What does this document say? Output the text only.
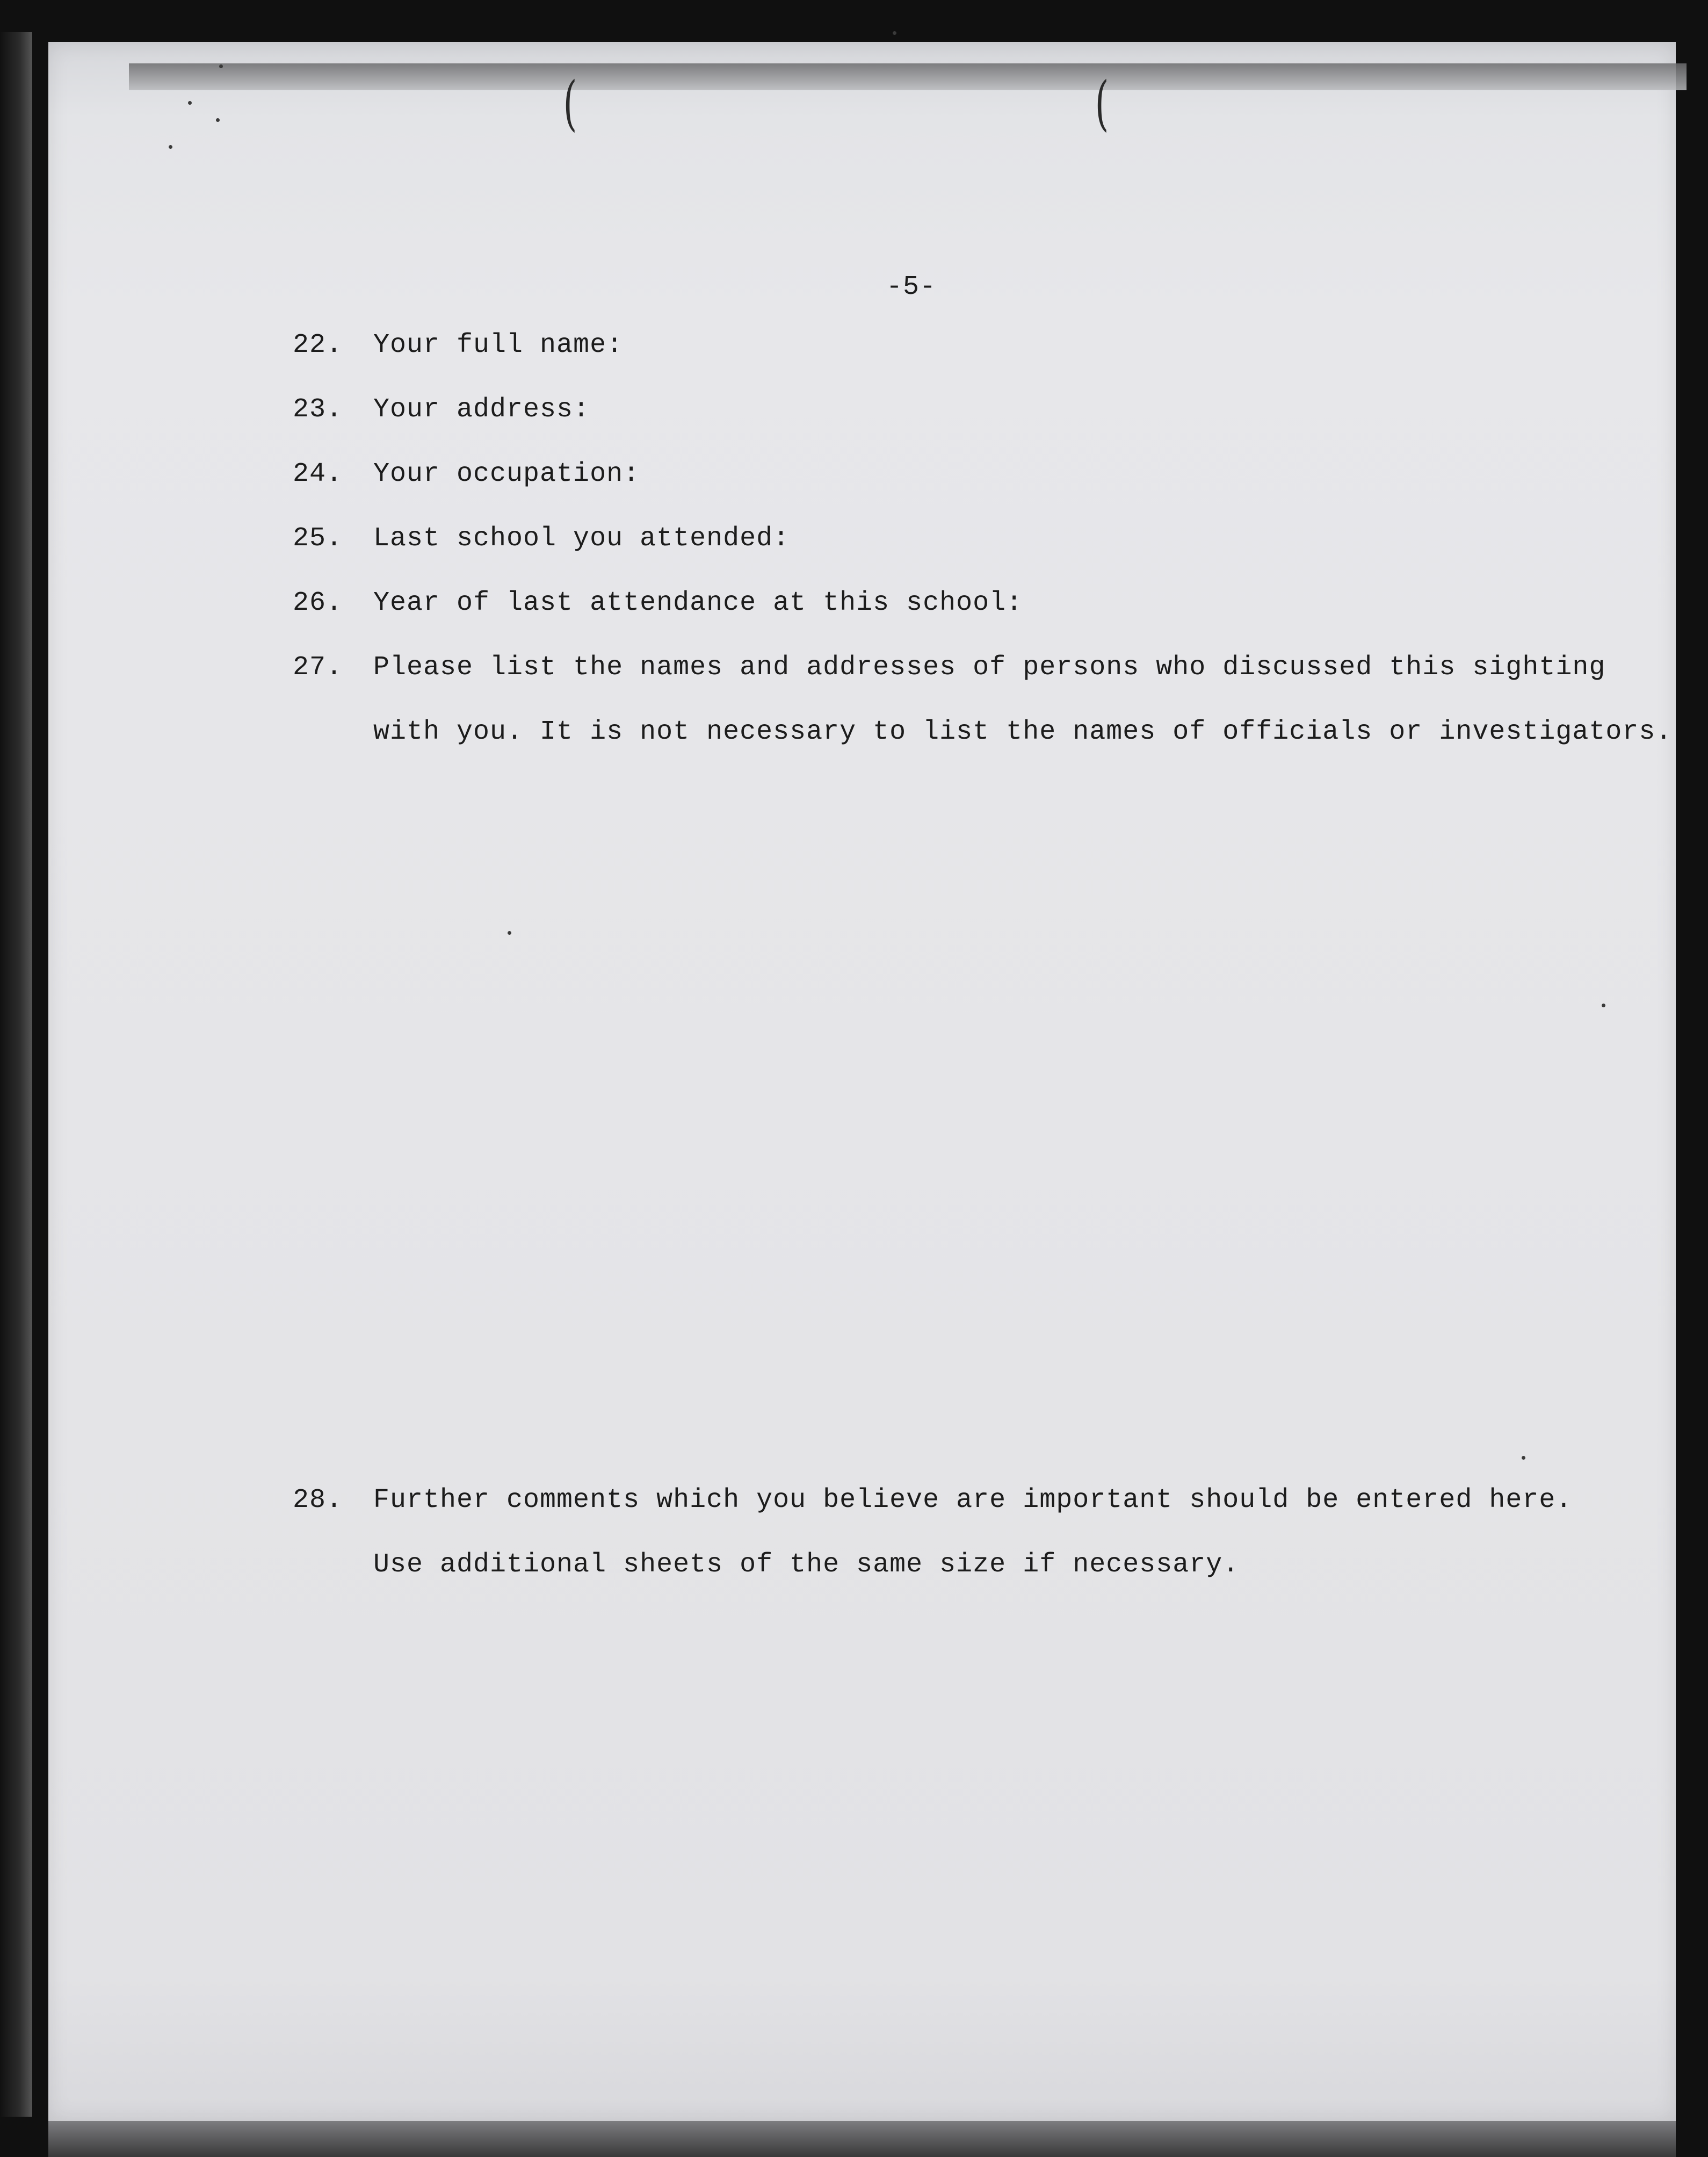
(	(
-5-
22.	Your full name:
23.	Your address:
24.	Your occupation:
25.	Last school you attended:
26.	Year of last attendance at this school:
27.	Please list the names and addresses of persons who discussed this sighting
with you. It is not necessary to list the names of officials or investigators.
28.	Further comments which you believe are important should be entered here.
Use additional sheets of the same size if necessary.
